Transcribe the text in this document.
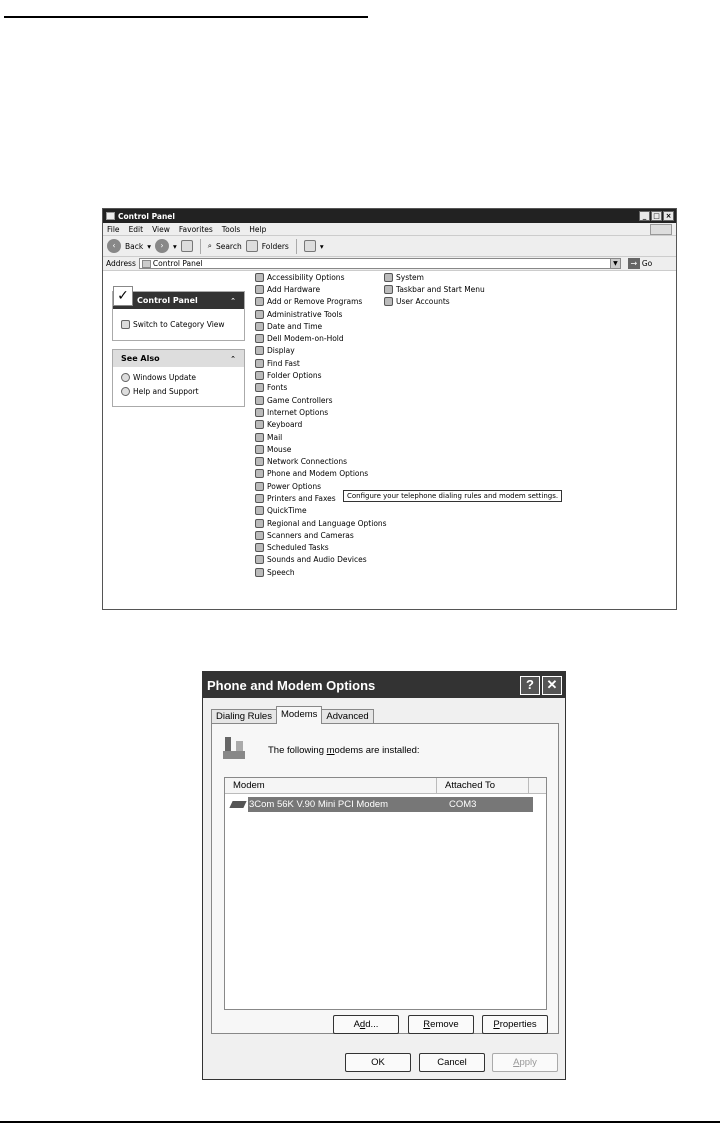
Control Panel	_ □ ×
File Edit View Favorites Tools Help
‹	Back ▾	›	▾	⌕ Search	Folders	▾
Address Control Panel	▼	→ Go
✓	Control Panel	⌃
Switch to Category View
See Also	⌃
Windows Update
Help and Support
Accessibility Options
Add Hardware
Add or Remove Programs
Administrative Tools
Date and Time
Dell Modem-on-Hold
Display
Find Fast
Folder Options
Fonts
Game Controllers
Internet Options
Keyboard
Mail
Mouse
Network Connections
Phone and Modem Options
Power Options
Printers and Faxes
QuickTime
Regional and Language Options
Scanners and Cameras
Scheduled Tasks
Sounds and Audio Devices
Speech
System
Taskbar and Start Menu
User Accounts
Configure your telephone dialing rules and modem settings.
Phone and Modem Options	? ✕
Dialing Rules Modems Advanced
The following modems are installed:
Modem	Attached To
3Com 56K V.90 Mini PCI Modem	COM3
Add...	Remove	Properties
OK	Cancel	Apply
